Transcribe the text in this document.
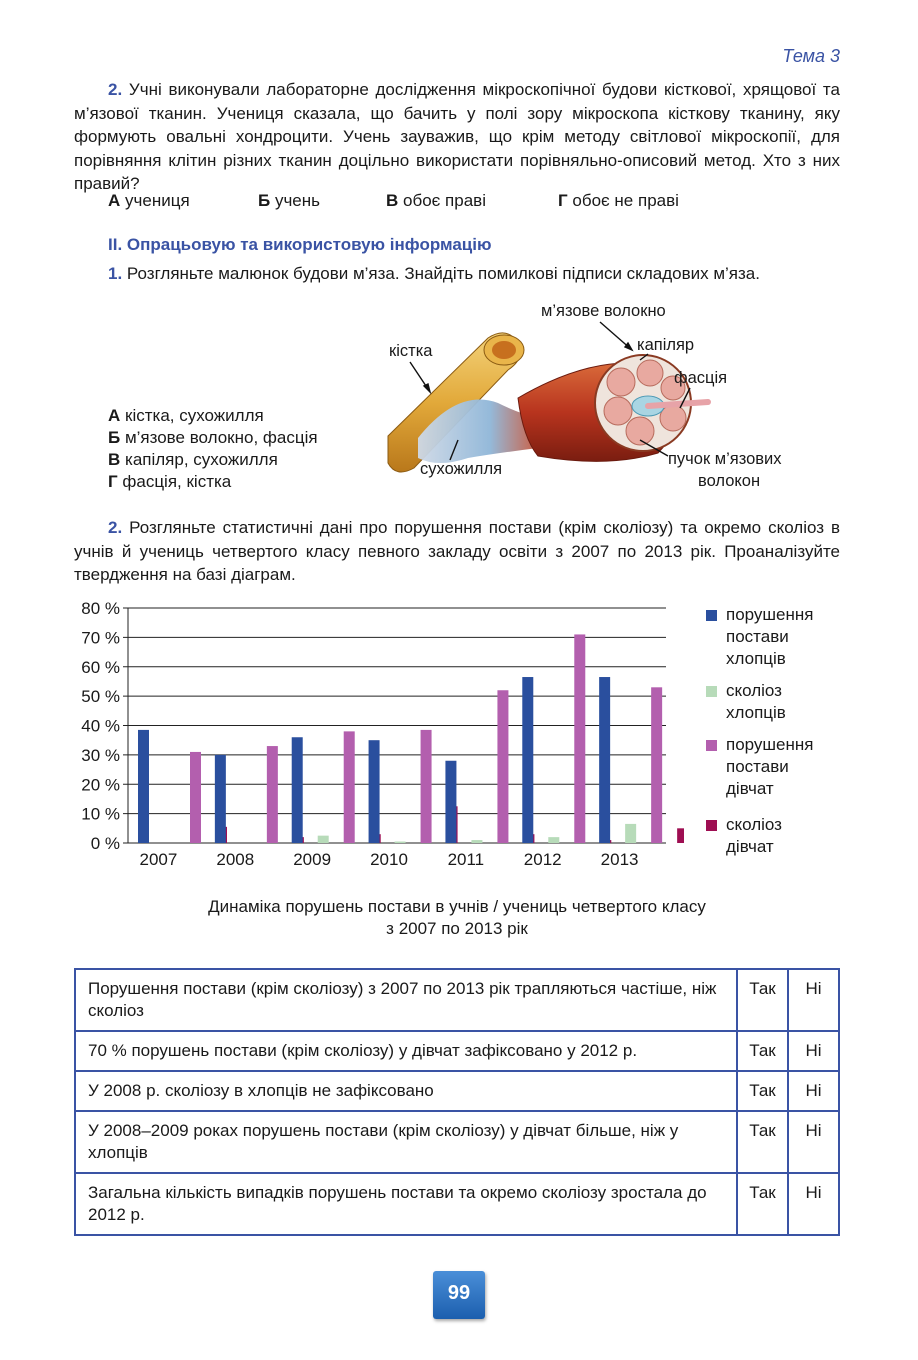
Тема 3
2. Учні виконували лабораторне дослідження мікроскопічної будови кісткової, хрящової та м’язової тканин. Учениця сказала, що бачить у полі зору мікроскопа кісткову тканину, яку формують овальні хондроцити. Учень зауважив, що крім методу світлової мікроскопії, для порівняння клітин різних тканин доцільно використати порівняльно-описовий метод. Хто з них правий?
А учениця	Б учень	В обоє праві	Г обоє не праві
II. Опрацьовую та використовую інформацію
1. Розгляньте малюнок будови м’яза. Знайдіть помилкові підписи складових м’яза.
А кістка, сухожилля
Б м’язове волокно, фасція
В капіляр, сухожилля
Г фасція, кістка
кістка
м’язове волокно
капіляр
фасція
сухожилля
пучок м’язових
волокон
2. Розгляньте статистичні дані про порушення постави (крім сколіозу) та окремо сколіоз в учнів й учениць четвертого класу певного закладу освіти з 2007 по 2013 рік. Проаналізуйте твердження на базі діаграм.
0 %
10 %
20 %
30 %
40 %
50 %
60 %
70 %
80 %
2007 2008 2009 2010 2011 2012 2013
порушення
постави
хлопців
сколіоз
хлопців
порушення
постави
дівчат
сколіоз
дівчат
Динаміка порушень постави в учнів / учениць четвертого класу
з 2007 по 2013 рік
Порушення постави (крім сколіозу) з 2007 по 2013 рік трапляються частіше, ніж сколіоз	Так	Ні
70 % порушень постави (крім сколіозу) у дівчат зафіксовано у 2012 р.	Так	Ні
У 2008 р. сколіозу в хлопців не зафіксовано	Так	Ні
У 2008–2009 роках порушень постави (крім сколіозу) у дівчат більше, ніж у хлопців	Так	Ні
Загальна кількість випадків порушень постави та окремо сколіозу зростала до 2012 р.	Так	Ні
99
